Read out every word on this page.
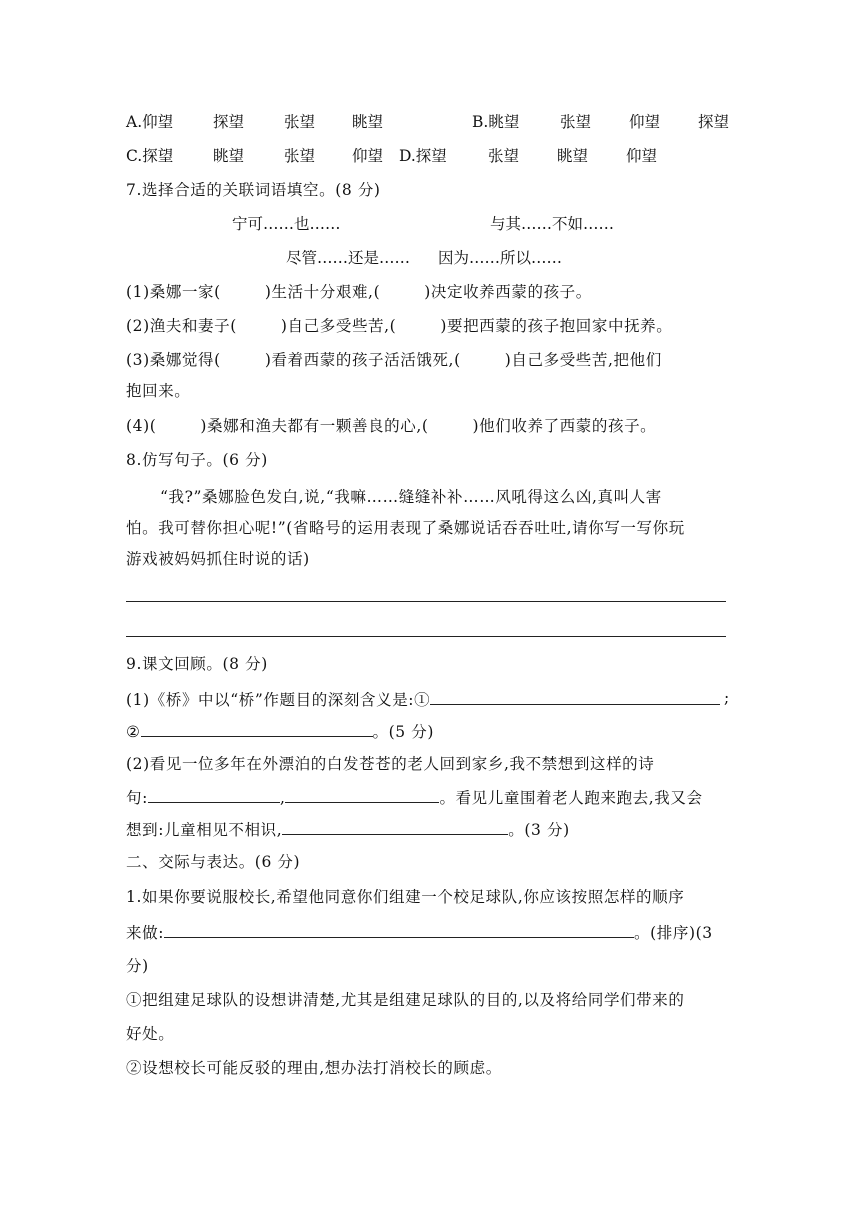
A.仰望	探望	张望 眺望	B.眺望	张望 仰望 探望
C.探望	眺望	张望 仰望 D.探望	张望 眺望 仰望
7.选择合适的关联词语填空。(8 分)
宁可……也……	与其……不如……
尽管……还是…… 因为……所以……
(1)桑娜一家(	)生活十分艰难,(	)决定收养西蒙的孩子。
(2)渔夫和妻子(	)自己多受些苦,(	)要把西蒙的孩子抱回家中抚养。
(3)桑娜觉得(	)看着西蒙的孩子活活饿死,(	)自己多受些苦,把他们
抱回来。
(4)(	)桑娜和渔夫都有一颗善良的心,(	)他们收养了西蒙的孩子。
8.仿写句子。(6 分)
“我?”桑娜脸色发白,说,“我嘛……缝缝补补……风吼得这么凶,真叫人害
怕。我可替你担心呢!”(省略号的运用表现了桑娜说话吞吞吐吐,请你写一写你玩
游戏被妈妈抓住时说的话)
9.课文回顾。(8 分)
(1)《桥》中以“桥”作题目的深刻含义是:①	;
②	。(5 分)
(2)看见一位多年在外漂泊的白发苍苍的老人回到家乡,我不禁想到这样的诗
句:	,	。看见儿童围着老人跑来跑去,我又会
想到:儿童相见不相识,	。(3 分)
二、交际与表达。(6 分)
1.如果你要说服校长,希望他同意你们组建一个校足球队,你应该按照怎样的顺序
来做:	。(排序)(3
分)
①把组建足球队的设想讲清楚,尤其是组建足球队的目的,以及将给同学们带来的
好处。
②设想校长可能反驳的理由,想办法打消校长的顾虑。
